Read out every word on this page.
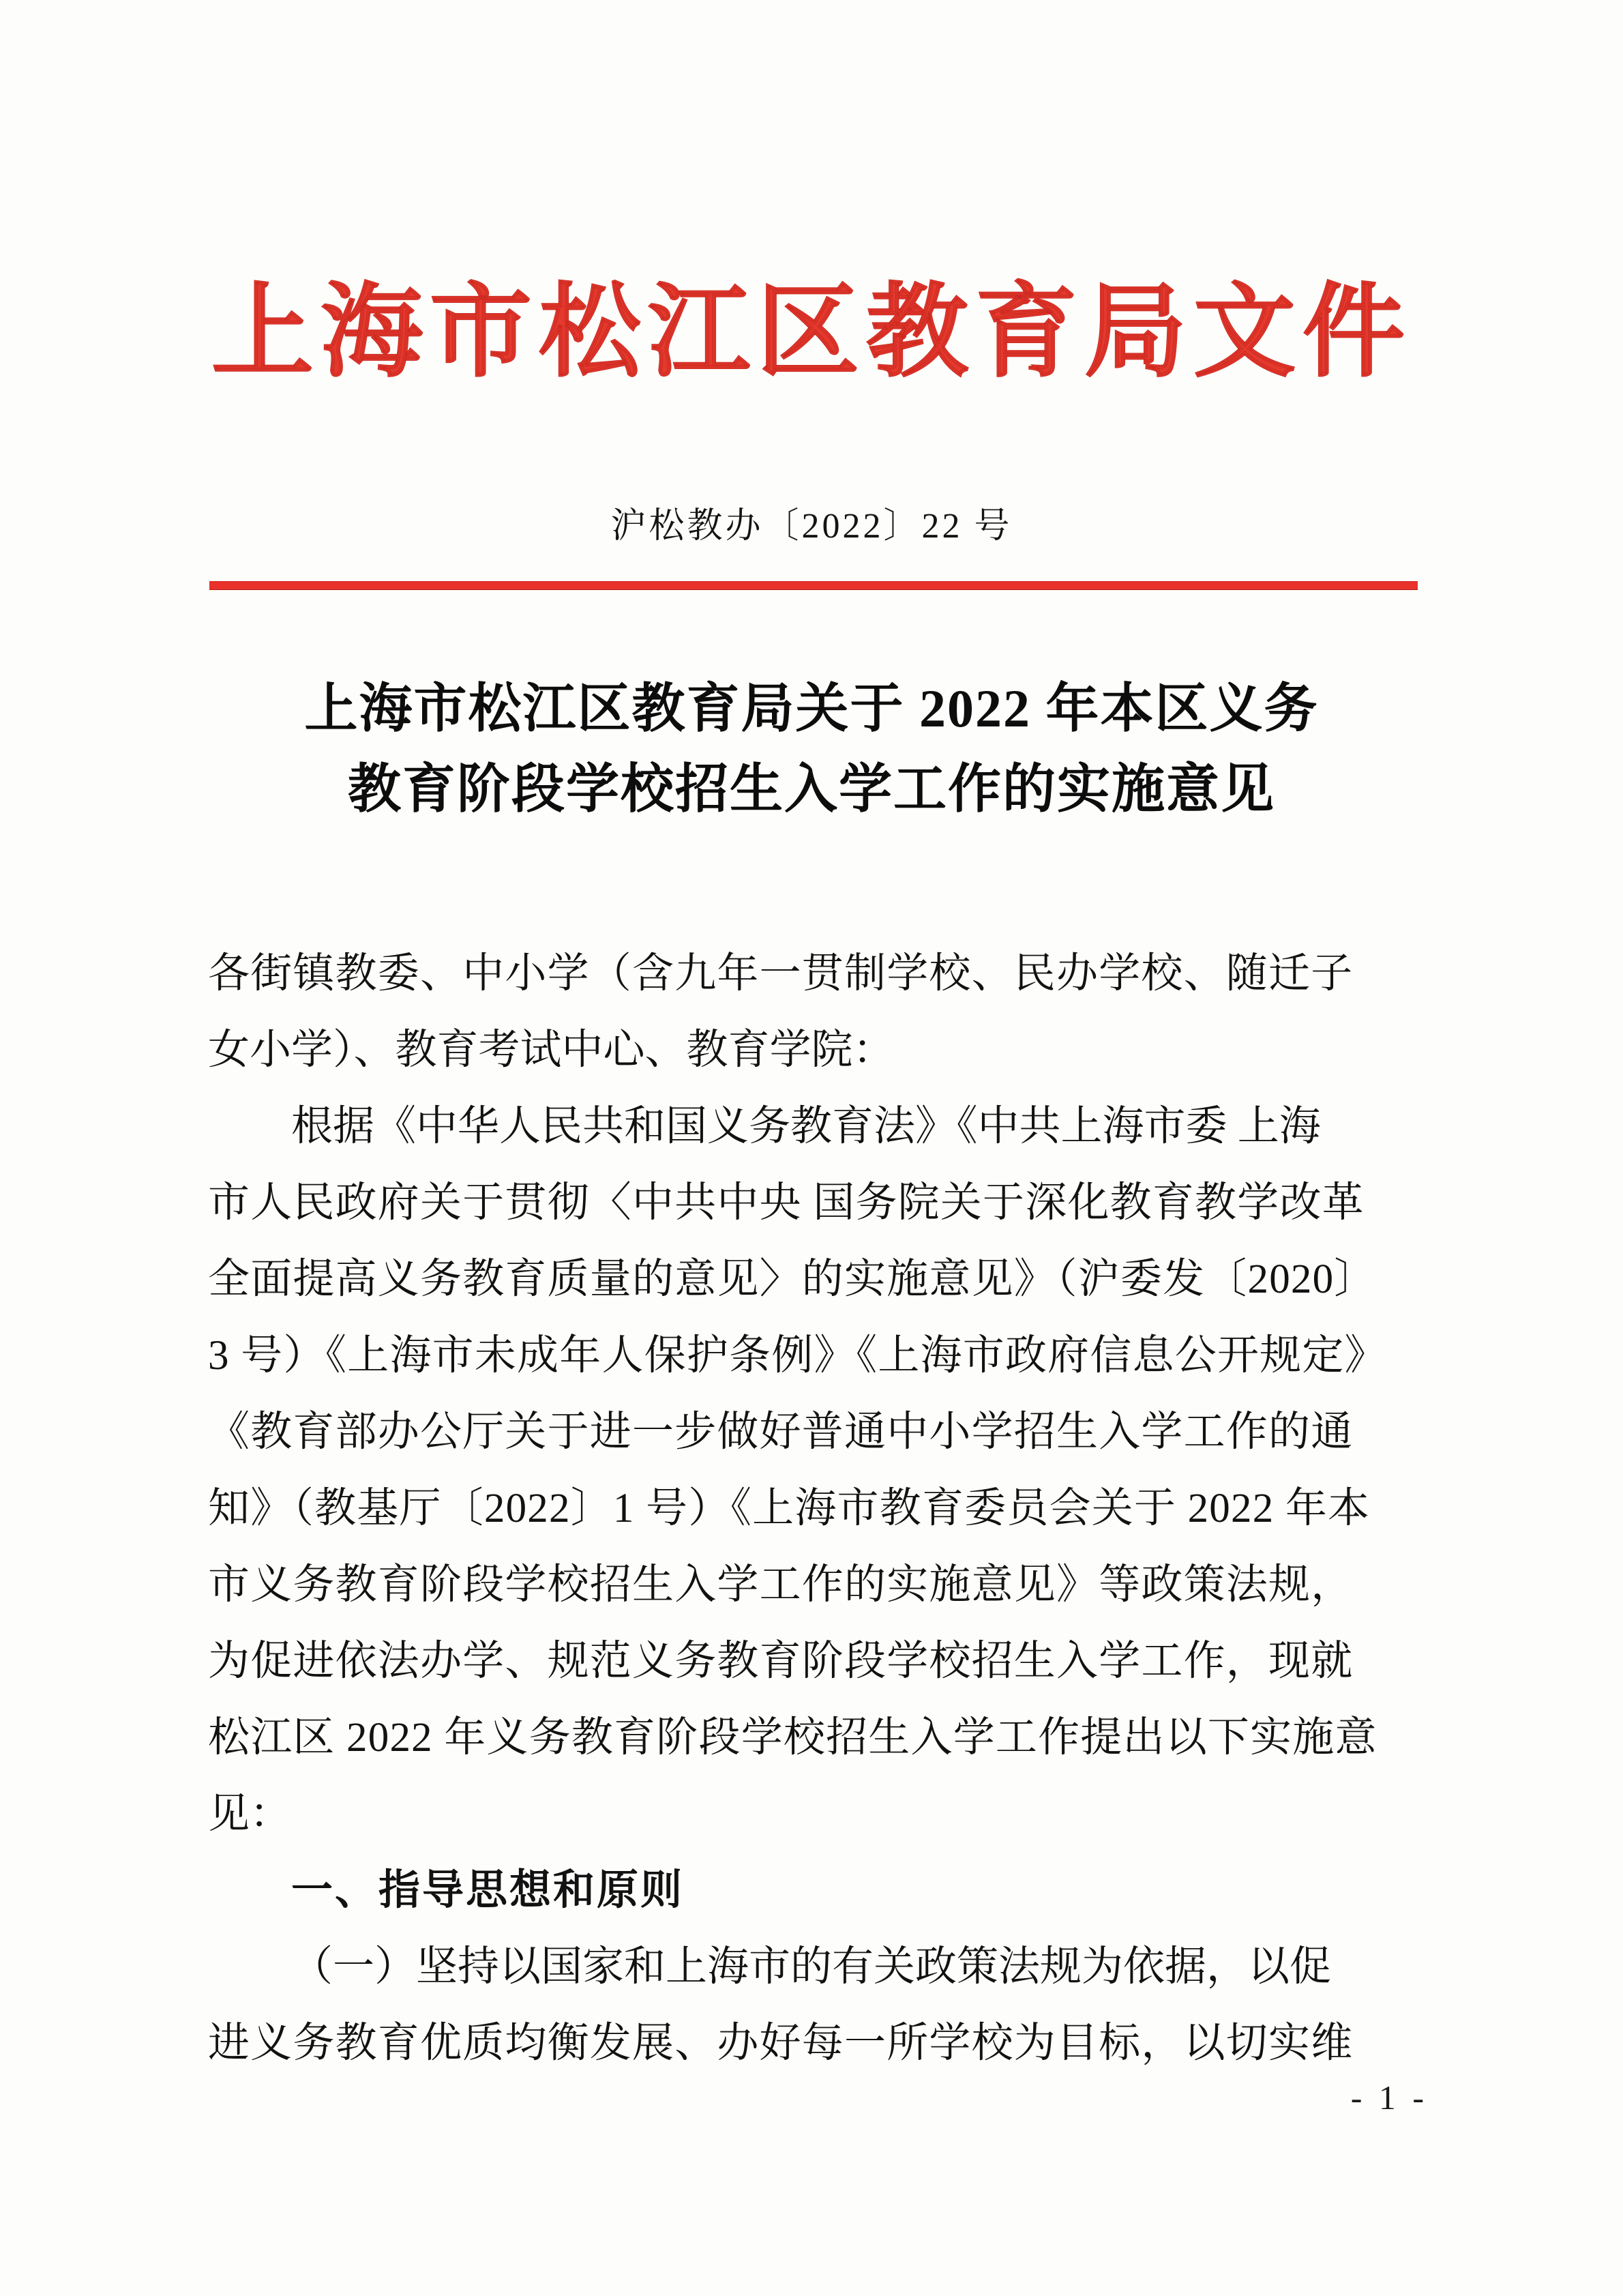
上海市松江区教育局文件
沪松教办〔2022〕22 号
上海市松江区教育局关于 2022 年本区义务
教育阶段学校招生入学工作的实施意见
各街镇教委、中小学（含九年一贯制学校、民办学校、随迁子
女小学）、教育考试中心、教育学院：
根据《中华人民共和国义务教育法》《中共上海市委 上海
市人民政府关于贯彻〈中共中央 国务院关于深化教育教学改革
全面提高义务教育质量的意见〉的实施意见》（沪委发〔2020〕
3 号）《上海市未成年人保护条例》《上海市政府信息公开规定》
《教育部办公厅关于进一步做好普通中小学招生入学工作的通
知》（教基厅〔2022〕1 号）《上海市教育委员会关于 2022 年本
市义务教育阶段学校招生入学工作的实施意见》等政策法规，
为促进依法办学、规范义务教育阶段学校招生入学工作，现就
松江区 2022 年义务教育阶段学校招生入学工作提出以下实施意
见：
一、指导思想和原则
（一）坚持以国家和上海市的有关政策法规为依据，以促
进义务教育优质均衡发展、办好每一所学校为目标，以切实维
- 1 -
